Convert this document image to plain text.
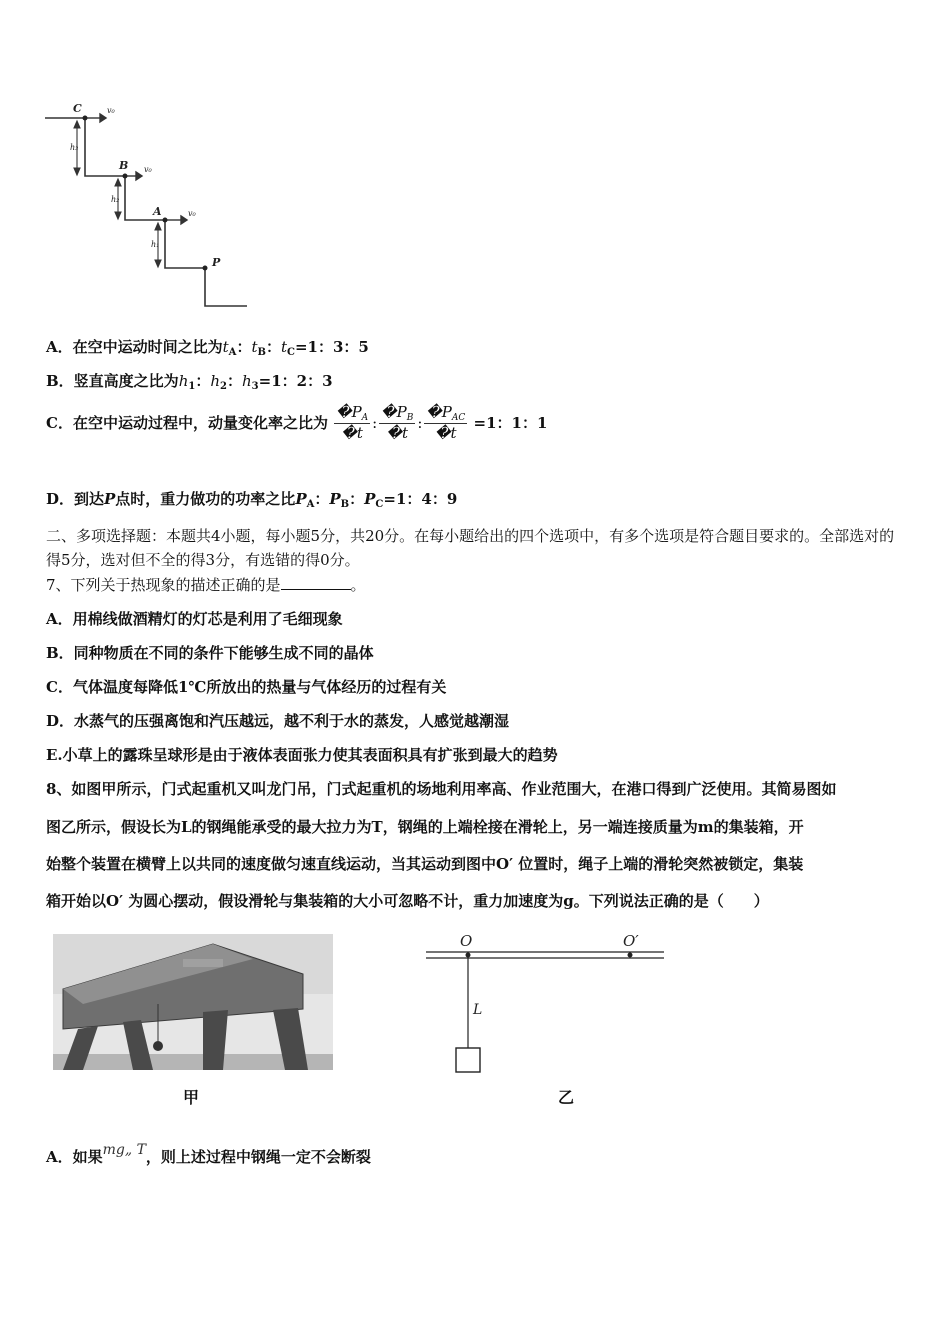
C
B
A
P
v₀
v₀
v₀
h₃
h₂
h₁
A．在空中运动时间之比为$t_A$：$t_B$：$t_C=1$：3：5
B．竖直高度之比为$h_1$：$h_2$：$h_3=1$：2：3
C．在空中运动过程中，动量变化率之比为 $\frac{�P_A}{�t}$ : $\frac{�P_B}{�t}$ : $\frac{�P_{AC}}{�t} =1$：1：1
D．到达P点时，重力做功的功率之比$P_A$：$P_B$：$P_C=1$：4：9
二、多项选择题：本题共4小题，每小题5分，共20分。在每小题给出的四个选项中，有多个选项是符合题目要求的。全部选对的得5分，选对但不全的得3分，有选错的得0分。
7、下列关于热现象的描述正确的是	。
A．用棉线做酒精灯的灯芯是利用了毛细现象
B．同种物质在不同的条件下能够生成不同的晶体
C．气体温度每降低1℃所放出的热量与气体经历的过程有关
D．水蒸气的压强离饱和汽压越远，越不利于水的蒸发，人感觉越潮湿
E.小草上的露珠呈球形是由于液体表面张力使其表面积具有扩张到最大的趋势
8、如图甲所示，门式起重机又叫龙门吊，门式起重机的场地利用率高、作业范围大，在港口得到广泛使用。其简易图如
图乙所示，假设长为L的钢绳能承受的最大拉力为T，钢绳的上端栓接在滑轮上，另一端连接质量为m的集装箱，开
始整个装置在横臂上以共同的速度做匀速直线运动，当其运动到图中O′ 位置时，绳子上端的滑轮突然被锁定，集装
箱开始以O′ 为圆心摆动，假设滑轮与集装箱的大小可忽略不计，重力加速度为g。下列说法正确的是（　　）
O	O′
L
甲	乙
A．如果mg„ T，则上述过程中钢绳一定不会断裂
